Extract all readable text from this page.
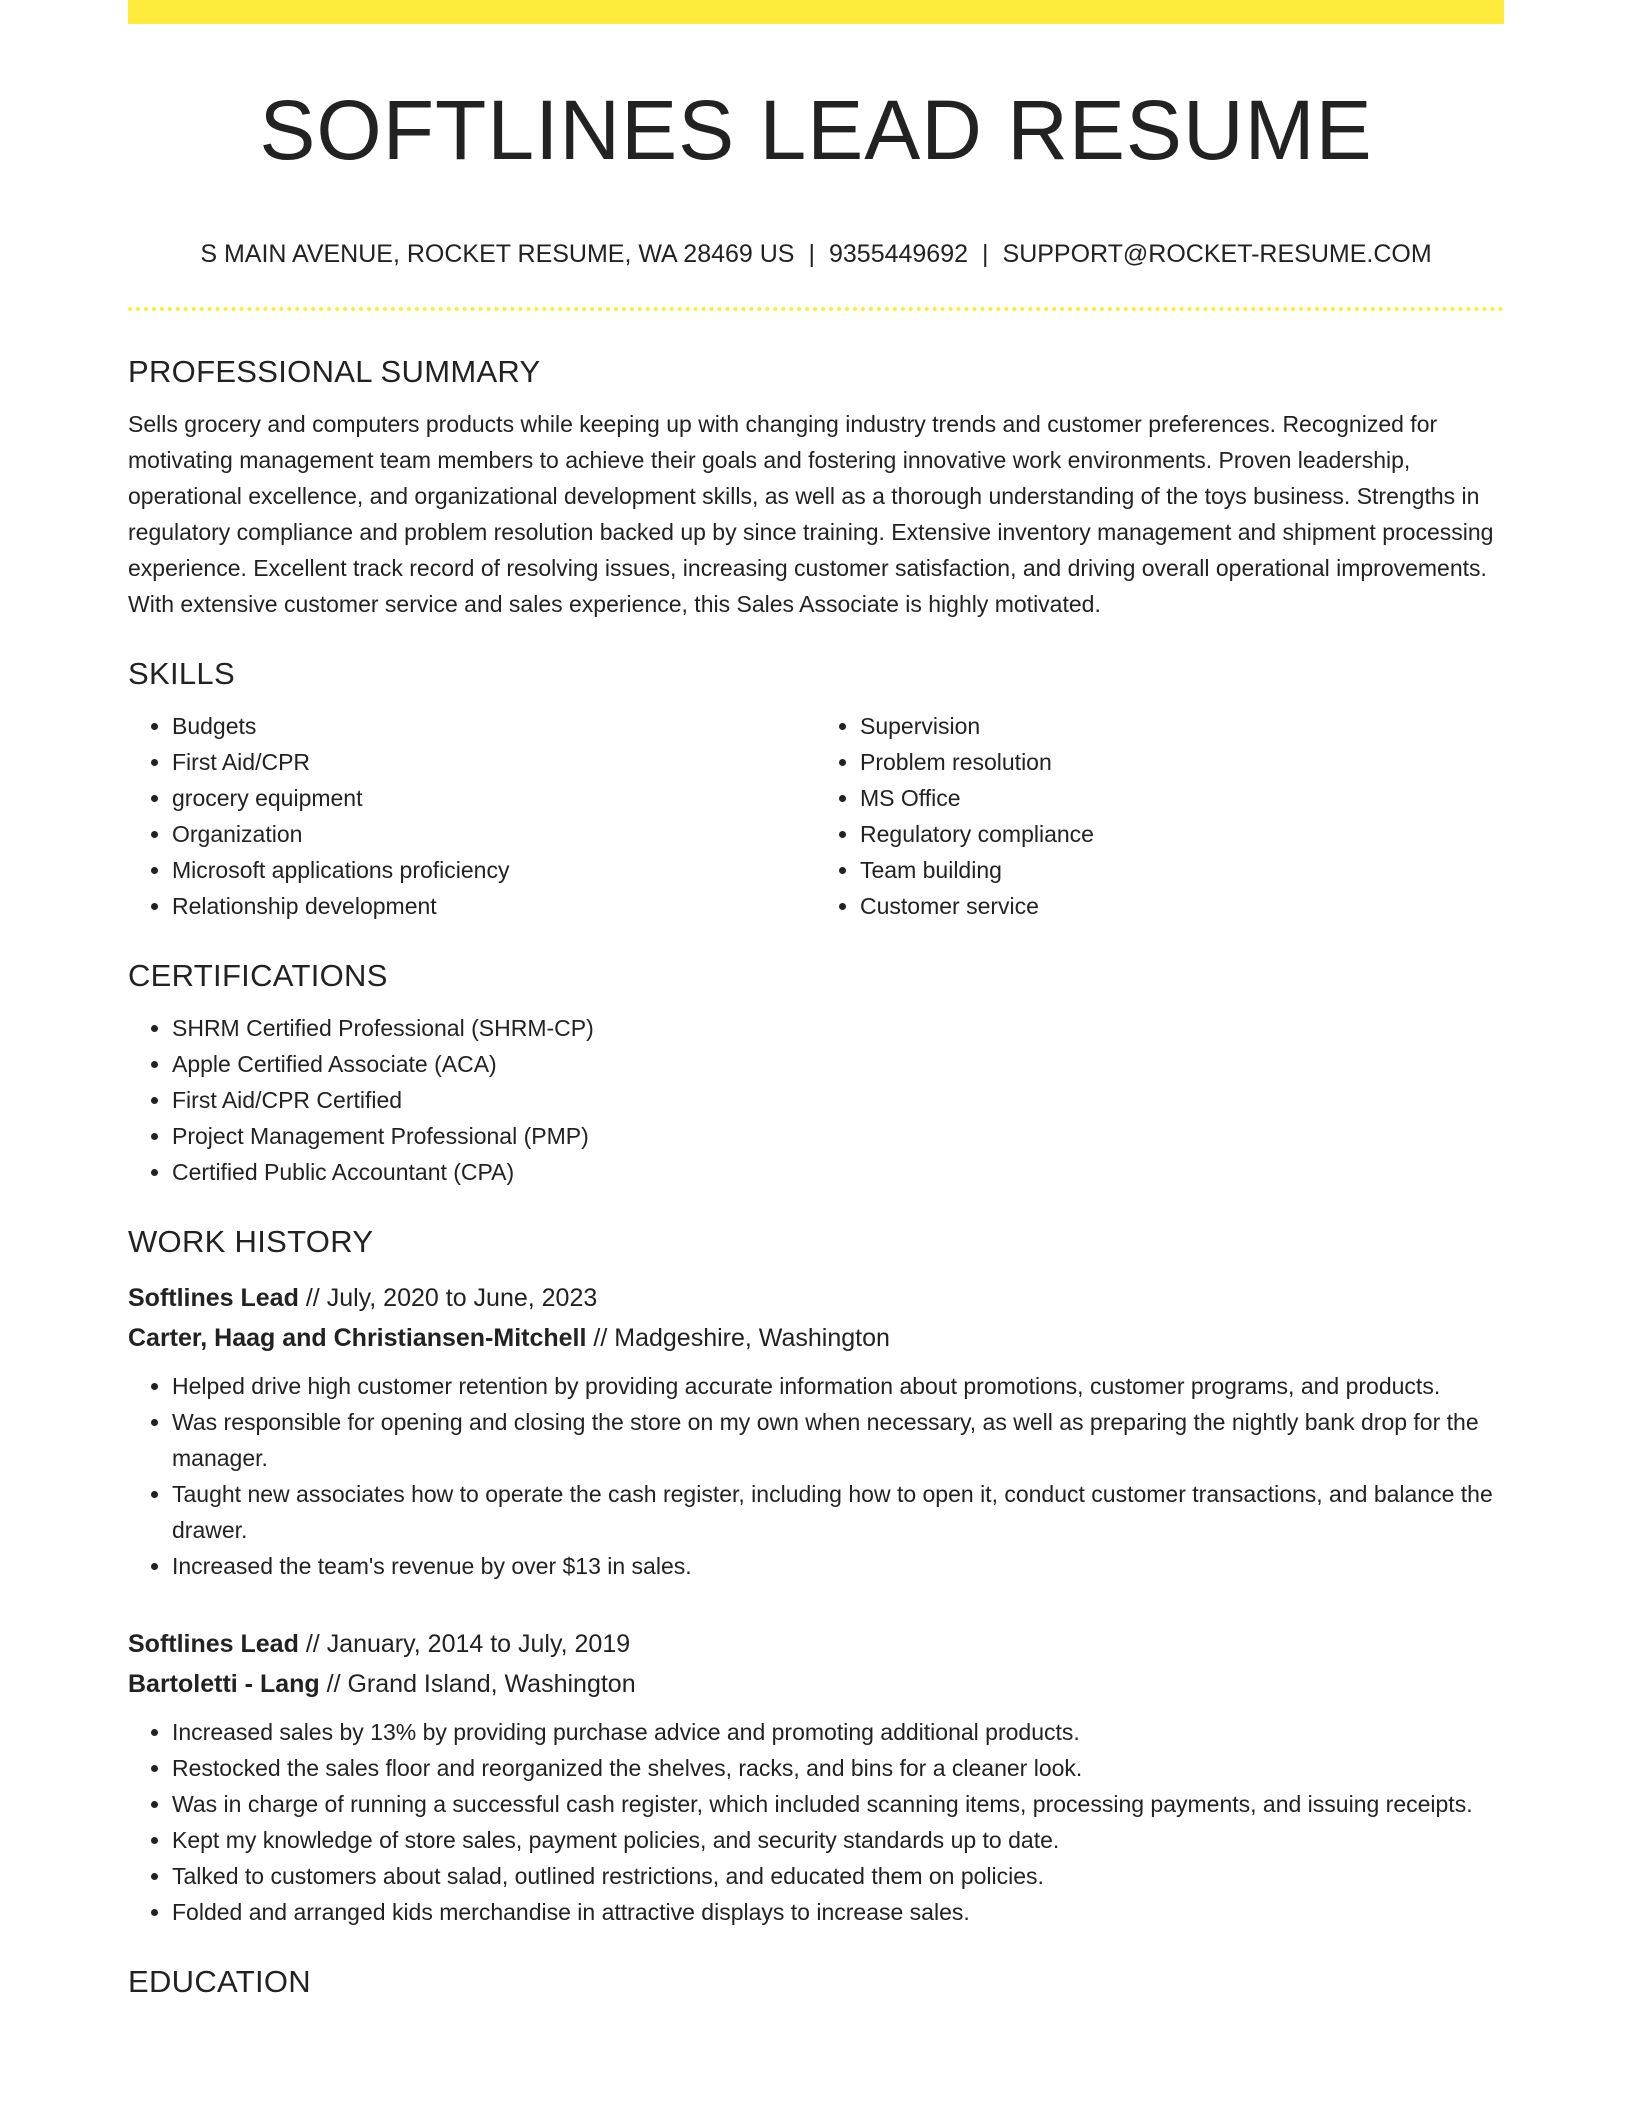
SOFTLINES LEAD RESUME
S MAIN AVENUE, ROCKET RESUME, WA 28469 US | 9355449692 | SUPPORT@ROCKET-RESUME.COM
PROFESSIONAL SUMMARY

Sells grocery and computers products while keeping up with changing industry trends and customer preferences. Recognized for motivating management team members to achieve their goals and fostering innovative work environments. Proven leadership, operational excellence, and organizational development skills, as well as a thorough understanding of the toys business. Strengths in regulatory compliance and problem resolution backed up by since training. Extensive inventory management and shipment processing experience. Excellent track record of resolving issues, increasing customer satisfaction, and driving overall operational improvements. With extensive customer service and sales experience, this Sales Associate is highly motivated.

SKILLS
• Budgets
• First Aid/CPR
• grocery equipment
• Organization
• Microsoft applications proficiency
• Relationship development
• Supervision
• Problem resolution
• MS Office
• Regulatory compliance
• Team building
• Customer service
CERTIFICATIONS
• SHRM Certified Professional (SHRM-CP)
• Apple Certified Associate (ACA)
• First Aid/CPR Certified
• Project Management Professional (PMP)
• Certified Public Accountant (CPA)
WORK HISTORY
Softlines Lead // July, 2020 to June, 2023
Carter, Haag and Christiansen-Mitchell // Madgeshire, Washington
• Helped drive high customer retention by providing accurate information about promotions, customer programs, and products.
• Was responsible for opening and closing the store on my own when necessary, as well as preparing the nightly bank drop for the manager.
• Taught new associates how to operate the cash register, including how to open it, conduct customer transactions, and balance the drawer.
• Increased the team's revenue by over $13 in sales.
Softlines Lead // January, 2014 to July, 2019
Bartoletti - Lang // Grand Island, Washington
• Increased sales by 13% by providing purchase advice and promoting additional products.
• Restocked the sales floor and reorganized the shelves, racks, and bins for a cleaner look.
• Was in charge of running a successful cash register, which included scanning items, processing payments, and issuing receipts.
• Kept my knowledge of store sales, payment policies, and security standards up to date.
• Talked to customers about salad, outlined restrictions, and educated them on policies.
• Folded and arranged kids merchandise in attractive displays to increase sales.
EDUCATION
